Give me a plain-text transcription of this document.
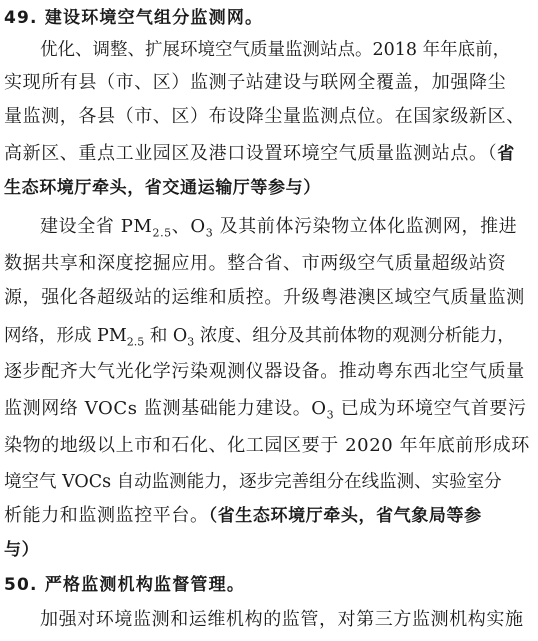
49. 建设环境空气组分监测网。
优化、调整、扩展环境空气质量监测站点。2018 年年底前，
实现所有县（市、区）监测子站建设与联网全覆盖，加强降尘
量监测，各县（市、区）布设降尘量监测点位。在国家级新区、
高新区、重点工业园区及港口设置环境空气质量监测站点。（省
生态环境厅牵头，省交通运输厅等参与）
建设全省 $PM_{2.5}$、$O_3$ 及其前体污染物立体化监测网，推进
数据共享和深度挖掘应用。整合省、市两级空气质量超级站资
源，强化各超级站的运维和质控。升级粤港澳区域空气质量监测
网络，形成 $PM_{2.5}$ 和 $O_3$ 浓度、组分及其前体物的观测分析能力，
逐步配齐大气光化学污染观测仪器设备。推动粤东西北空气质量
监测网络 VOCs 监测基础能力建设。$O_3$ 已成为环境空气首要污
染物的地级以上市和石化、化工园区要于 2020 年年底前形成环
境空气 VOCs 自动监测能力，逐步完善组分在线监测、实验室分
析能力和监测监控平台。（省生态环境厅牵头，省气象局等参
与）
50. 严格监测机构监督管理。
加强对环境监测和运维机构的监管，对第三方监测机构实施
